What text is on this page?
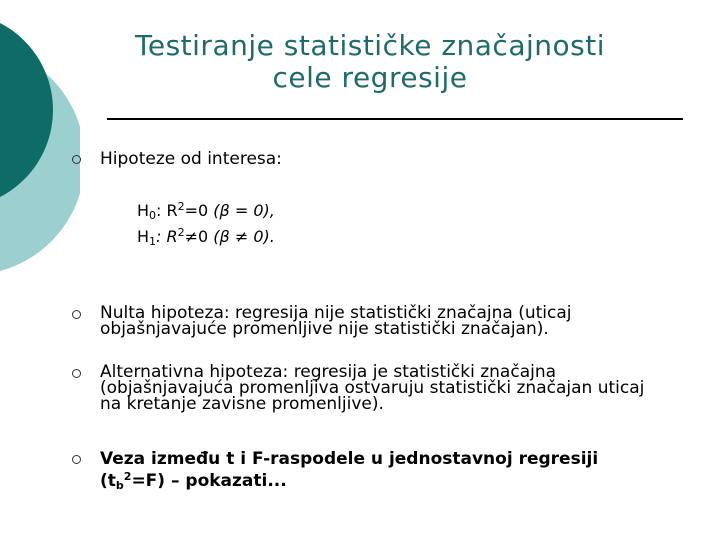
Testiranje statističke značajnosti
cele regresije
Hipoteze od interesa:
$H_0$: $R^2=0$ (β = 0),
$H_1$: $R^2\ne 0$ (β ≠ 0).
Nulta hipoteza: regresija nije statistički značajna (uticaj
objašnjavajuće promenljive nije statistički značajan).
Alternativna hipoteza: regresija je statistički značajna
(objašnjavajuća promenljiva ostvaruju statistički značajan uticaj
na kretanje zavisne promenljive).
Veza između t i F-raspodele u jednostavnoj regresiji
$(t_b^2=F)$ – pokazati...
